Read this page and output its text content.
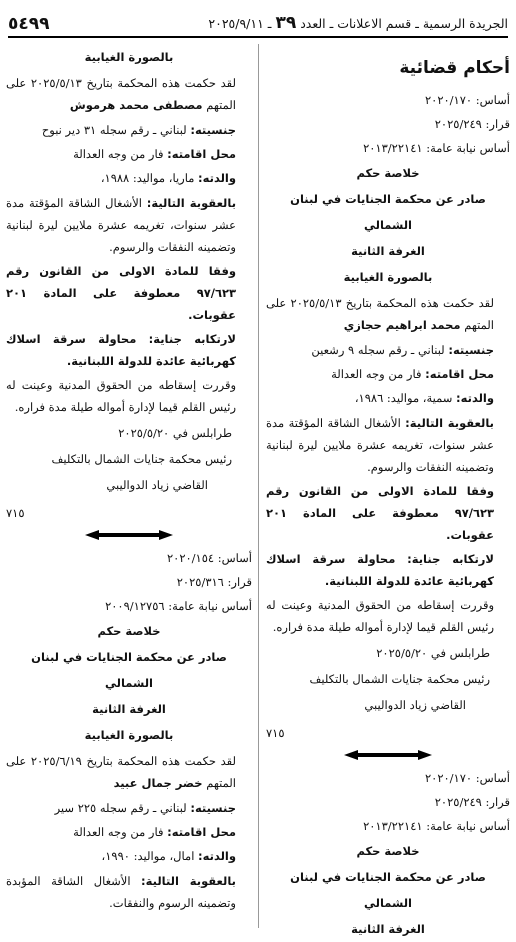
٥٤٩٩	الجريدة الرسمية ـ قسم الاعلانات ـ العدد ٣٩ ـ ٢٠٢٥/٩/١١
أحكام قضائية
أساس: ٢٠٢٠/١٧٠
قرار: ٢٠٢٥/٢٤٩
أساس نيابة عامة: ٢٠١٣/٢٢١٤١
خلاصة حكم
صادر عن محكمة الجنايات في لبنان الشمالي
الغرفة الثانية
بالصورة الغيابية
لقد حكمت هذه المحكمة بتاريخ ٢٠٢٥/٥/١٣ على المتهم محمد ابراهيم حجازي
جنسيته: لبناني ـ رقم سجله ٩ رشعين
محل اقامته: فار من وجه العدالة
والدته: سمية، مواليد: ١٩٨٦،
بالعقوبة التالية: الأشغال الشاقة المؤقتة مدة عشر سنوات، تغريمه عشرة ملايين ليرة لبنانية وتضمينه النفقات والرسوم.
وفقا للمادة الاولى من القانون رقم ٩٧/٦٢٣ معطوفة على المادة ٢٠١ عقوبات.
لارتكابه جناية: محاولة سرقة اسلاك كهربائية عائدة للدولة اللبنانية.
وقررت إسقاطه من الحقوق المدنية وعينت له رئيس القلم قيما لإدارة أمواله طيلة مدة فراره.
طرابلس في ٢٠٢٥/٥/٢٠
رئيس محكمة جنايات الشمال بالتكليف
القاضي زياد الدواليبي
٧١٥
أساس: ٢٠٢٠/١٧٠
قرار: ٢٠٢٥/٢٤٩
أساس نيابة عامة: ٢٠١٣/٢٢١٤١
خلاصة حكم
صادر عن محكمة الجنايات في لبنان الشمالي
الغرفة الثانية
بالصورة الغيابية
لقد حكمت هذه المحكمة بتاريخ ٢٠٢٥/٥/١٣ على المتهم مصطفى محمد هرموش
جنسيته: لبناني ـ رقم سجله ٣١ دير نبوح
محل اقامته: فار من وجه العدالة
والدته: ماريا، مواليد: ١٩٨٨،
بالعقوبة التالية: الأشغال الشاقة المؤقتة مدة عشر سنوات، تغريمه عشرة ملايين ليرة لبنانية وتضمينه النفقات والرسوم.
وفقا للمادة الاولى من القانون رقم ٩٧/٦٢٣ معطوفة على المادة ٢٠١ عقوبات.
لارتكابه جناية: محاولة سرقة اسلاك كهربائية عائدة للدولة اللبنانية.
وقررت إسقاطه من الحقوق المدنية وعينت له رئيس القلم قيما لإدارة أمواله طيلة مدة فراره.
طرابلس في ٢٠٢٥/٥/٢٠
رئيس محكمة جنايات الشمال بالتكليف
القاضي زياد الدواليبي
٧١٥
أساس: ٢٠٢٠/١٥٤
قرار: ٢٠٢٥/٣١٦
أساس نيابة عامة: ٢٠٠٩/١٢٧٥٦
خلاصة حكم
صادر عن محكمة الجنايات في لبنان الشمالي
الغرفة الثانية
بالصورة الغيابية
لقد حكمت هذه المحكمة بتاريخ ٢٠٢٥/٦/١٩ على المتهم خضر جمال عبيد
جنسيته: لبناني ـ رقم سجله ٢٢٥ سير
محل اقامته: فار من وجه العدالة
والدته: امال، مواليد: ١٩٩٠،
بالعقوبة التالية: الأشغال الشاقة المؤبدة وتضمينه الرسوم والنفقات.
